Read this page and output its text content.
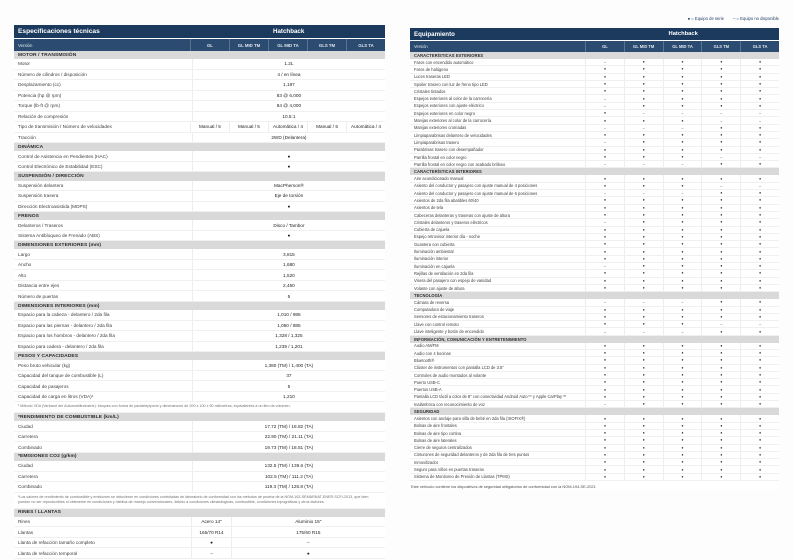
● = Equipo de serie – = Equipo no disponible
Especificaciones técnicas	Hatchback
Versión	GL	GL MID TM	GL MID TA	GLS TM	GLS TA
MOTOR / TRANSMISIÓN
Motor	1.2L
Número de cilindros / disposición	4 / en línea
Desplazamiento (cc)	1,197
Potencia (hp @ rpm)	83 @ 6,000
Torque (lb-ft @ rpm)	84 @ 4,000
Relación de compresión	10.5:1
Tipo de transmisión / Número de velocidades	Manual / 5	Manual / 5	Automática / 4	Manual / 5	Automática / 4
Tracción	2WD (Delantera)
DINÁMICA
Control de Asistencia en Pendientes (HAC)	●
Control Electrónico de Estabilidad (ESC)	●
SUSPENSIÓN / DIRECCIÓN
Suspensión delantera	MacPherson®
Suspensión trasera	Eje de torsión
Dirección Electroasistida (MDPS)	●
FRENOS
Delanteros / Traseros	Disco / Tambor
Sistema Antibloqueo de Frenado (ABS)	●
DIMENSIONES EXTERIORES (mm)
Largo	3,815
Ancho	1,680
Alto	1,520
Distancia entre ejes	2,450
Número de puertas	5
DIMENSIONES INTERIORES (mm)
Espacio para la cabeza - delantero / 2da fila	1,010 / 985
Espacio para las piernas - delantero / 2da fila	1,050 / 885
Espacio para los hombros - delantero / 2da fila	1,328 / 1,325
Espacio para cadera - delantero / 2da fila	1,239 / 1,201
PESOS Y CAPACIDADES
Peso bruto vehicular (kg)	1,380 (TM) / 1,400 (TA)
Capacidad del tanque de combustible (L)	37
Capacidad de pasajeros	5
Capacidad de carga en litros (VDA)¹	1,210
¹ Método VDA (Verband der Automobilindustrie): bloques con forma de paralelepípedo y dimensiones de 200 x 100 x 50 milímetros, equivalentes a un litro de volumen.
*RENDIMIENTO DE COMBUSTIBLE (km/L)
Ciudad	17.72 (TM) / 18.82 (TA)
Carretera	22.90 (TM) / 21.11 (TA)
Combinado	19.73 (TM) / 18.51 (TA)
*EMISIONES CO2 (g/km)
Ciudad	132.5 (TM) / 139.6 (TA)
Carretera	102.5 (TM) / 111.2 (TA)
Combinado	119.3 (TM) / 126.8 (TA)
*Los valores de rendimiento de combustible y emisiones se obtuvieron en condiciones controladas de laboratorio de conformidad con los métodos de prueba de la NOM-163-SEMARNAT-ENER-SCFI-2013, que bien pueden no ser reproducibles ni obtenerse en condiciones y hábitos de manejo convencionales, debido a condiciones climatológicas, combustible, condiciones topográficas y otros factores.
RINES / LLANTAS
Rines	Acero 14"	Aluminio 15"
Llantas	165/70 R14	175/60 R15
Llanta de refacción tamaño completo	●	–
Llanta de refacción temporal	–	●
Equipamiento	Hatchback
Versión	GL	GL MID TM	GL MID TA	GLS TM	GLS TA
CARACTERÍSTICAS EXTERIORES
Faros con encendido automático	–	●	●	●	●
Faros de halógeno	●	●	●	●	●
Luces traseras LED	●	●	●	●	●
Spoiler trasero con luz de freno tipo LED	●	●	●	●	●
Cristales tintados	●	●	●	●	●
Espejos exteriores al color de la carrocería	–	●	●	●	●
Espejos exteriores con ajuste eléctrico	–	●	●	●	●
Espejos exteriores en color negro	●	–	–	–	–
Manijas exteriores al color de la carrocería	●	●	●	–	–
Manijas exteriores cromadas	–	–	–	●	●
Limpiaparabrisas delantero de velocidades	●	●	●	●	●
Limpiaparabrisas trasero	–	●	●	●	●
Parabrisas trasero con desempañador	●	●	●	●	●
Parrilla frontal en color negro	●	●	●	–	–
Parrilla frontal en color negro con acabado brilloso	–	–	–	●	●
CARACTERÍSTICAS INTERIORES
Aire acondicionado manual	●	●	●	●	●
Asiento del conductor y pasajero con ajuste manual de 4 posiciones	●	●	●	–	–
Asiento del conductor y pasajero con ajuste manual de 6 posiciones	–	–	–	●	●
Asientos de 2da fila abatibles 60/40	●	●	●	●	●
Asientos de tela	●	●	●	●	●
Cabeceras delanteras y traseras con ajuste de altura	●	●	●	●	●
Cristales delanteros y traseros eléctricos	–	●	●	●	●
Cubierta de cajuela	●	●	●	●	●
Espejo retrovisor interior día - noche	●	●	●	●	●
Guantera con cubierta	●	●	●	●	●
Iluminación ambiental	●	●	●	●	●
Iluminación interior	●	●	●	●	●
Iluminación en cajuela	–	●	●	●	●
Rejillas de ventilación en 2da fila	●	●	●	●	●
Visera del pasajero con espejo de vanidad	●	●	●	●	●
Volante con ajuste de altura	●	●	●	●	●
TECNOLOGÍA
Cámara de reversa	–	–	–	●	●
Computadora de viaje	●	●	●	●	●
Sensores de estacionamiento traseros	●	●	●	●	●
Llave con control remoto	●	●	●	–	–
Llave inteligente y botón de encendido	–	–	–	●	●
INFORMACIÓN, COMUNICACIÓN Y ENTRETENIMIENTO
Audio AM/FM	●	●	●	●	●
Audio con 4 bocinas	●	●	●	●	●
Bluetooth®	●	●	●	●	●
Clúster de instrumentos con pantalla LCD de 3.5"	●	●	●	●	●
Controles de audio montados al volante	●	●	●	●	●
Puerto USB-C	●	●	●	●	●
Puertos USB-A	●	●	●	●	●
Pantalla LCD táctil a color de 8" con conectividad Android Auto™ y Apple CarPlay™	●	●	●	●	●
Inalámbrica con reconocimiento de voz	–	●	●	●	●
SEGURIDAD
Asientos con anclaje para silla de bebé en 2da fila (ISOFIX®)	●	●	●	●	●
Bolsas de aire frontales	●	●	●	●	●
Bolsas de aire tipo cortina	●	●	●	●	●
Bolsas de aire laterales	●	●	●	●	●
Cierre de seguros centralizados	●	●	●	●	●
Cinturones de seguridad delanteros y de 2da fila de tres puntos	●	●	●	●	●
Inmovilizador	●	●	●	●	●
Seguro para niños en puertas traseras	●	●	●	●	●
Sistema de Monitoreo de Presión de Llantas (TPMS)	●	●	●	●	●
Este vehículo contiene los dispositivos de seguridad obligatorios de conformidad con la NOM-194-SE-2021
